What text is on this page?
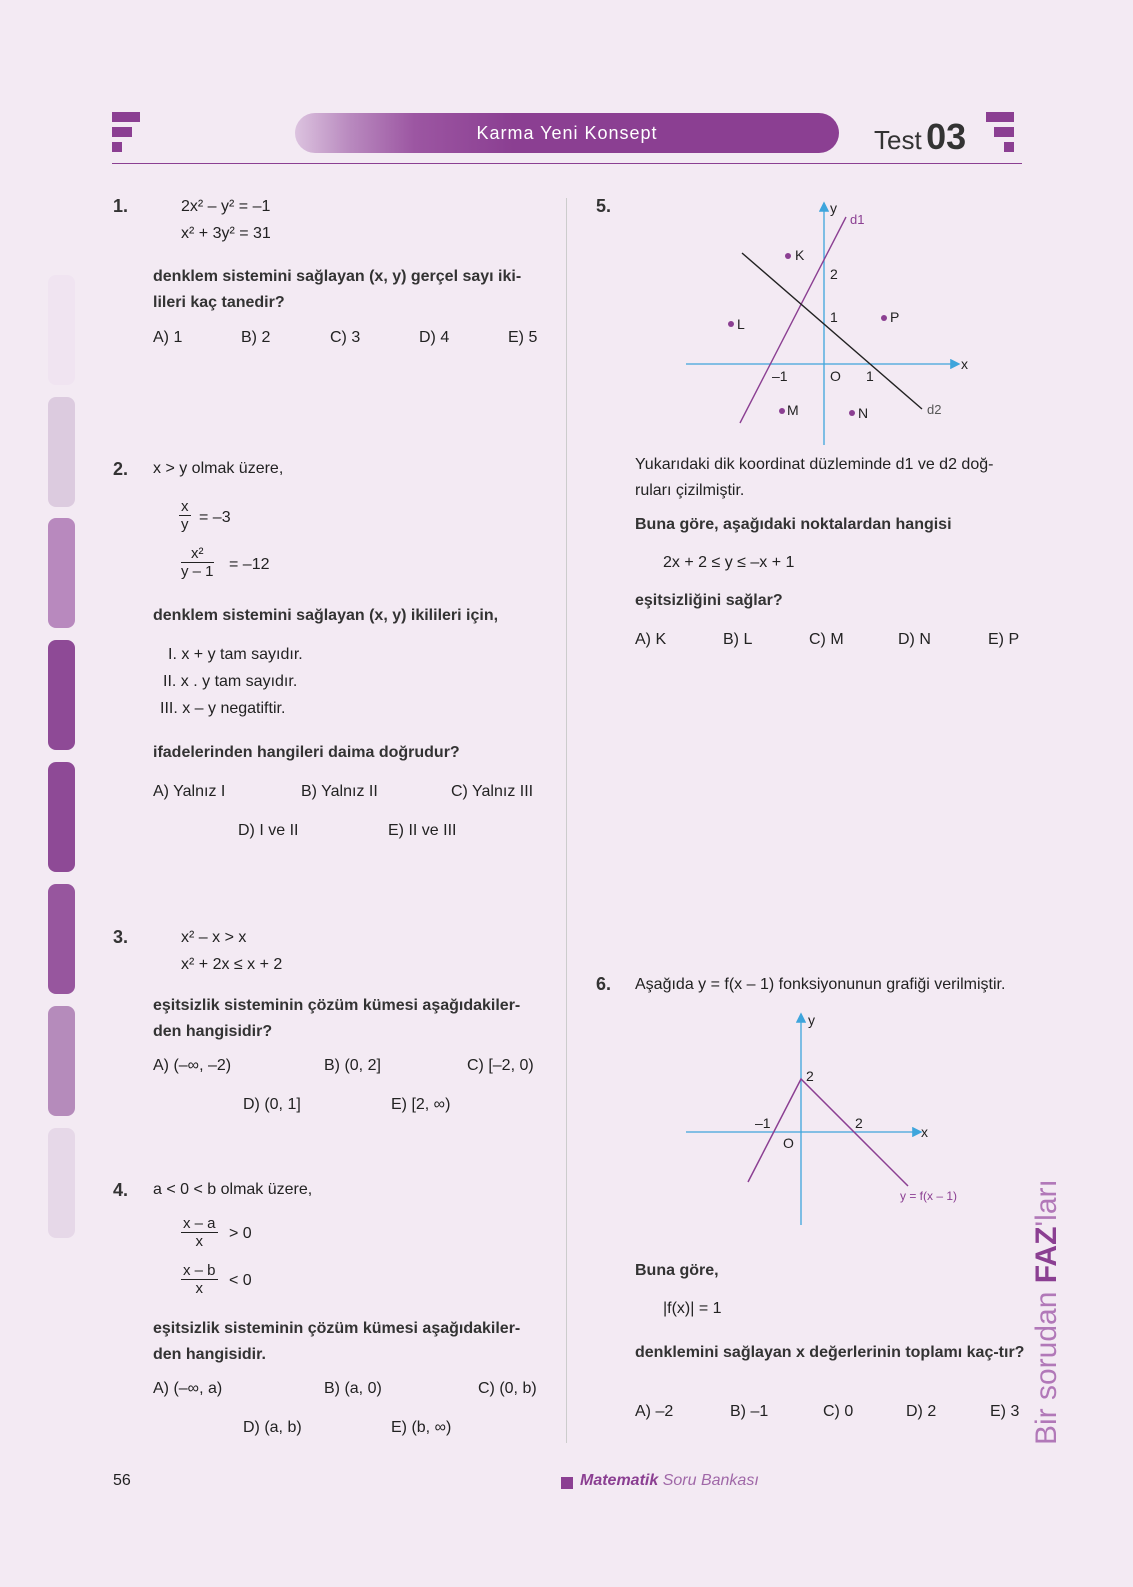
Karma Yeni Konsept	Test 03
1.	2x² – y² = –1
x² + 3y² = 31
denklem sistemini sağlayan (x, y) gerçel sayı iki-lileri kaç tanedir?
A) 1	B) 2	C) 3	D) 4	E) 5
2. x > y olmak üzere,
$\frac{x}{y} = -3$
$\frac{\text{x²}}{y - 1} = -12$
denklem sistemini sağlayan (x, y) ikilileri için,
I. x + y tam sayıdır.
II. x . y tam sayıdır.
III. x – y negatiftir.
ifadelerinden hangileri daima doğrudur?
A) Yalnız I	B) Yalnız II	C) Yalnız III
D) I ve II	E) II ve III
3.	x² – x > x
x² + 2x ≤ x + 2
eşitsizlik sisteminin çözüm kümesi aşağıdakiler-den hangisidir?
A) (–∞, –2)	B) (0, 2]	C) [–2, 0)
D) (0, 1]	E) [2, ∞)
4. a < 0 < b olmak üzere,
$\frac{x - a}{x} > 0$
$\frac{x - b}{x} < 0$
eşitsizlik sisteminin çözüm kümesi aşağıdakiler-den hangisidir.
A) (–∞, a)	B) (a, 0)	C) (0, b)
D) (a, b)	E) (b, ∞)
5.	y
x
O
–1	1
1
2
K
L	P
M	N
d1
d2
Yukarıdaki dik koordinat düzleminde d1 ve d2 doğ-ruları çizilmiştir.
Buna göre, aşağıdaki noktalardan hangisi
2x + 2 ≤ y ≤ –x + 1
eşitsizliğini sağlar?
A) K	B) L	C) M	D) N	E) P
6. Aşağıda y = f(x – 1) fonksiyonunun grafiği verilmiştir.
y
x
O
–1	2
2
y = f(x – 1)
Buna göre,
|f(x)| = 1
denklemini sağlayan x değerlerinin toplamı kaç-tır?
A) –2	B) –1	C) 0	D) 2	E) 3 Bir sorudan FAZ'ları
56	Matematik Soru Bankası
